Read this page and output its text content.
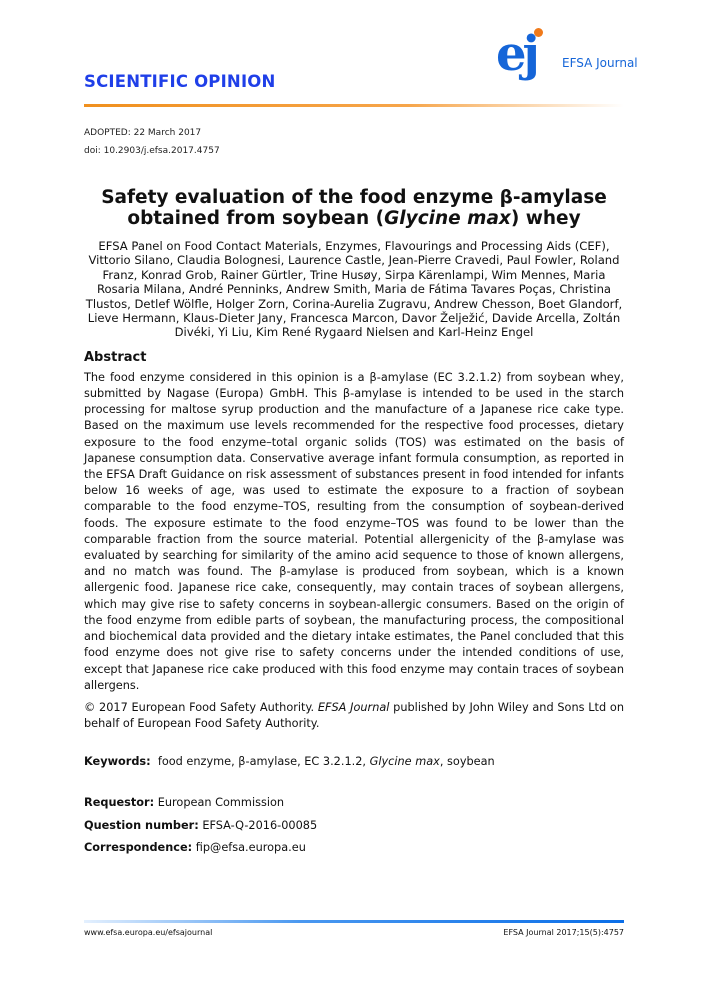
ej EFSA Journal
SCIENTIFIC OPINION
ADOPTED: 22 March 2017
doi: 10.2903/j.efsa.2017.4757
Safety evaluation of the food enzyme β-amylase obtained from soybean (Glycine max) whey
EFSA Panel on Food Contact Materials, Enzymes, Flavourings and Processing Aids (CEF), Vittorio Silano, Claudia Bolognesi, Laurence Castle, Jean-Pierre Cravedi, Paul Fowler, Roland Franz, Konrad Grob, Rainer Gürtler, Trine Husøy, Sirpa Kärenlampi, Wim Mennes, Maria Rosaria Milana, André Penninks, Andrew Smith, Maria de Fátima Tavares Poças, Christina Tlustos, Detlef Wölfle, Holger Zorn, Corina-Aurelia Zugravu, Andrew Chesson, Boet Glandorf, Lieve Hermann, Klaus-Dieter Jany, Francesca Marcon, Davor Želježić, Davide Arcella, Zoltán Divéki, Yi Liu, Kim René Rygaard Nielsen and Karl-Heinz Engel
Abstract
The food enzyme considered in this opinion is a β-amylase (EC 3.2.1.2) from soybean whey, submitted by Nagase (Europa) GmbH. This β-amylase is intended to be used in the starch processing for maltose syrup production and the manufacture of a Japanese rice cake type. Based on the maximum use levels recommended for the respective food processes, dietary exposure to the food enzyme–total organic solids (TOS) was estimated on the basis of Japanese consumption data. Conservative average infant formula consumption, as reported in the EFSA Draft Guidance on risk assessment of substances present in food intended for infants below 16 weeks of age, was used to estimate the exposure to a fraction of soybean comparable to the food enzyme–TOS, resulting from the consumption of soybean-derived foods. The exposure estimate to the food enzyme–TOS was found to be lower than the comparable fraction from the source material. Potential allergenicity of the β-amylase was evaluated by searching for similarity of the amino acid sequence to those of known allergens, and no match was found. The β-amylase is produced from soybean, which is a known allergenic food. Japanese rice cake, consequently, may contain traces of soybean allergens, which may give rise to safety concerns in soybean-allergic consumers. Based on the origin of the food enzyme from edible parts of soybean, the manufacturing process, the compositional and biochemical data provided and the dietary intake estimates, the Panel concluded that this food enzyme does not give rise to safety concerns under the intended conditions of use, except that Japanese rice cake produced with this food enzyme may contain traces of soybean allergens.
© 2017 European Food Safety Authority. EFSA Journal published by John Wiley and Sons Ltd on behalf of European Food Safety Authority.
Keywords:  food enzyme, β-amylase, EC 3.2.1.2, Glycine max, soybean
Requestor: European Commission
Question number: EFSA-Q-2016-00085
Correspondence: fip@efsa.europa.eu
www.efsa.europa.eu/efsajournal	EFSA Journal 2017;15(5):4757
